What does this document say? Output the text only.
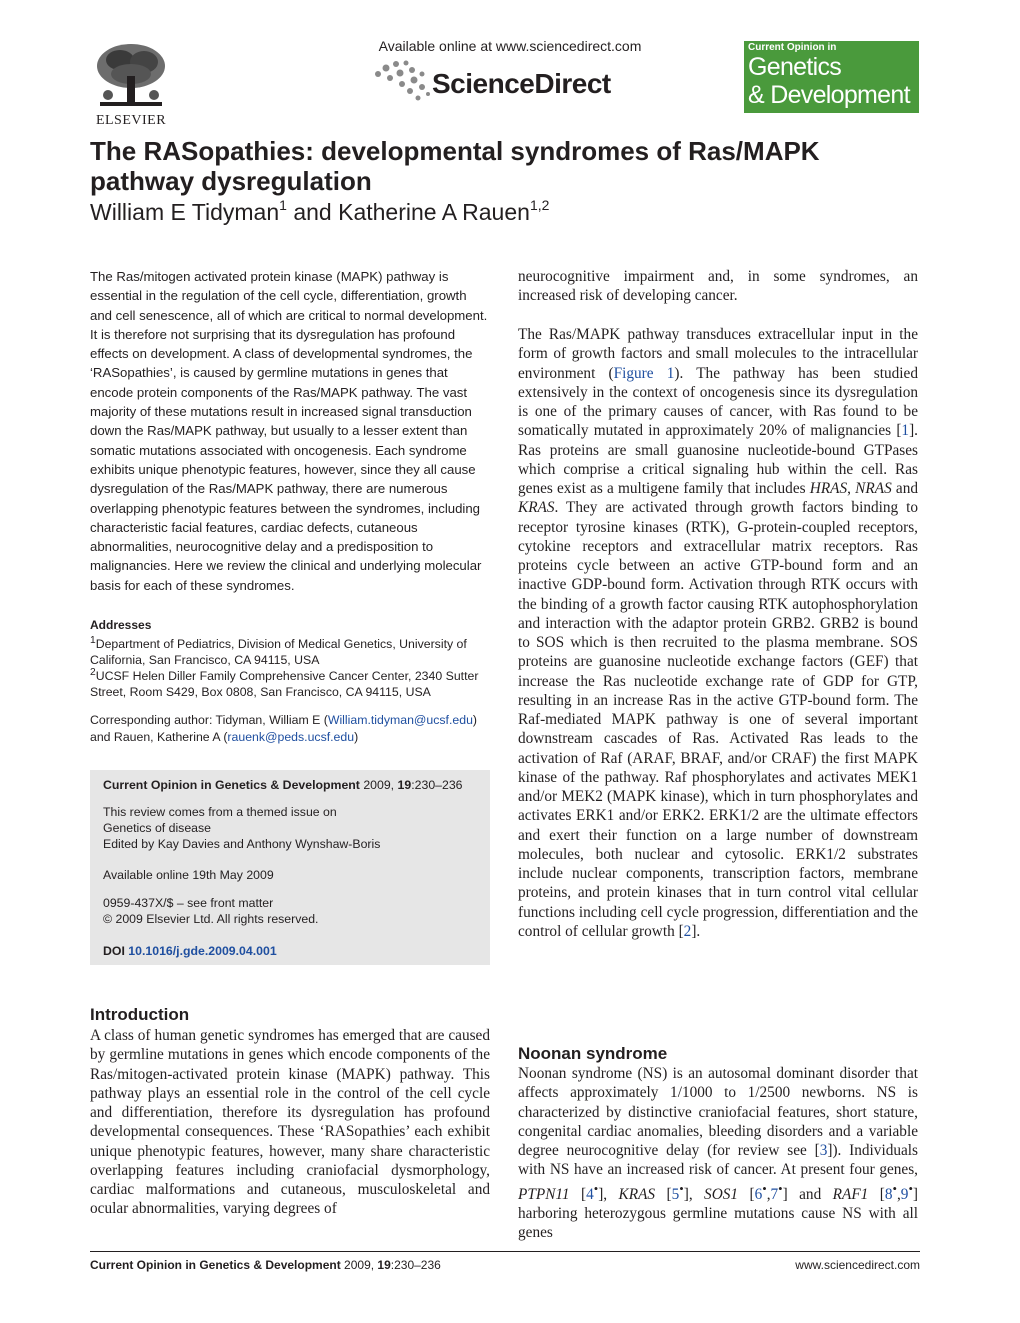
ELSEVIER
Available online at www.sciencedirect.com
ScienceDirect
Current Opinion in
Genetics
& Development
The RASopathies: developmental syndromes of Ras/MAPK pathway dysregulation
William E Tidyman$^1$ and Katherine A Rauen$^{1,2}$
The Ras/mitogen activated protein kinase (MAPK) pathway is essential in the regulation of the cell cycle, differentiation, growth and cell senescence, all of which are critical to normal development. It is therefore not surprising that its dysregulation has profound effects on development. A class of developmental syndromes, the ‘RASopathies’, is caused by germline mutations in genes that encode protein components of the Ras/MAPK pathway. The vast majority of these mutations result in increased signal transduction down the Ras/MAPK pathway, but usually to a lesser extent than somatic mutations associated with oncogenesis. Each syndrome exhibits unique phenotypic features, however, since they all cause dysregulation of the Ras/MAPK pathway, there are numerous overlapping phenotypic features between the syndromes, including characteristic facial features, cardiac defects, cutaneous abnormalities, neurocognitive delay and a predisposition to malignancies. Here we review the clinical and underlying molecular basis for each of these syndromes.
Addresses
$^1$Department of Pediatrics, Division of Medical Genetics, University of California, San Francisco, CA 94115, USA
$^2$UCSF Helen Diller Family Comprehensive Cancer Center, 2340 Sutter Street, Room S429, Box 0808, San Francisco, CA 94115, USA
Corresponding author: Tidyman, William E (William.tidyman@ucsf.edu) and Rauen, Katherine A (rauenk@peds.ucsf.edu)
Current Opinion in Genetics & Development 2009, 19:230–236
This review comes from a themed issue on
Genetics of disease
Edited by Kay Davies and Anthony Wynshaw-Boris
Available online 19th May 2009
0959-437X/$ – see front matter
© 2009 Elsevier Ltd. All rights reserved.
DOI 10.1016/j.gde.2009.04.001
Introduction
A class of human genetic syndromes has emerged that are caused by germline mutations in genes which encode components of the Ras/mitogen-activated protein kinase (MAPK) pathway. This pathway plays an essential role in the control of the cell cycle and differentiation, therefore its dysregulation has profound developmental consequences. These ‘RASopathies’ each exhibit unique phenotypic features, however, many share characteristic overlapping features including craniofacial dysmorphology, cardiac malformations and cutaneous, musculoskeletal and ocular abnormalities, varying degrees of
neurocognitive impairment and, in some syndromes, an increased risk of developing cancer.
The Ras/MAPK pathway transduces extracellular input in the form of growth factors and small molecules to the intracellular environment (Figure 1). The pathway has been studied extensively in the context of oncogenesis since its dysregulation is one of the primary causes of cancer, with Ras found to be somatically mutated in approximately 20% of malignancies [1]. Ras proteins are small guanosine nucleotide-bound GTPases which comprise a critical signaling hub within the cell. Ras genes exist as a multigene family that includes HRAS, NRAS and KRAS. They are activated through growth factors binding to receptor tyrosine kinases (RTK), G-protein-coupled receptors, cytokine receptors and extracellular matrix receptors. Ras proteins cycle between an active GTP-bound form and an inactive GDP-bound form. Activation through RTK occurs with the binding of a growth factor causing RTK autophosphorylation and interaction with the adaptor protein GRB2. GRB2 is bound to SOS which is then recruited to the plasma membrane. SOS proteins are guanosine nucleotide exchange factors (GEF) that increase the Ras nucleotide exchange rate of GDP for GTP, resulting in an increase Ras in the active GTP-bound form. The Raf-mediated MAPK pathway is one of several important downstream cascades of Ras. Activated Ras leads to the activation of Raf (ARAF, BRAF, and/or CRAF) the first MAPK kinase of the pathway. Raf phosphorylates and activates MEK1 and/or MEK2 (MAPK kinase), which in turn phosphorylates and activates ERK1 and/or ERK2. ERK1/2 are the ultimate effectors and exert their function on a large number of downstream molecules, both nuclear and cytosolic. ERK1/2 substrates include nuclear components, transcription factors, membrane proteins, and protein kinases that in turn control vital cellular functions including cell cycle progression, differentiation and the control of cellular growth [2].
Noonan syndrome
Noonan syndrome (NS) is an autosomal dominant disorder that affects approximately 1/1000 to 1/2500 newborns. NS is characterized by distinctive craniofacial features, short stature, congenital cardiac anomalies, bleeding disorders and a variable degree neurocognitive delay (for review see [3]). Individuals with NS have an increased risk of cancer. At present four genes, PTPN11 [4•], KRAS [5•], SOS1 [6•,7•] and RAF1 [8•,9•] harboring heterozygous germline mutations cause NS with all genes
Current Opinion in Genetics & Development 2009, 19:230–236	www.sciencedirect.com
